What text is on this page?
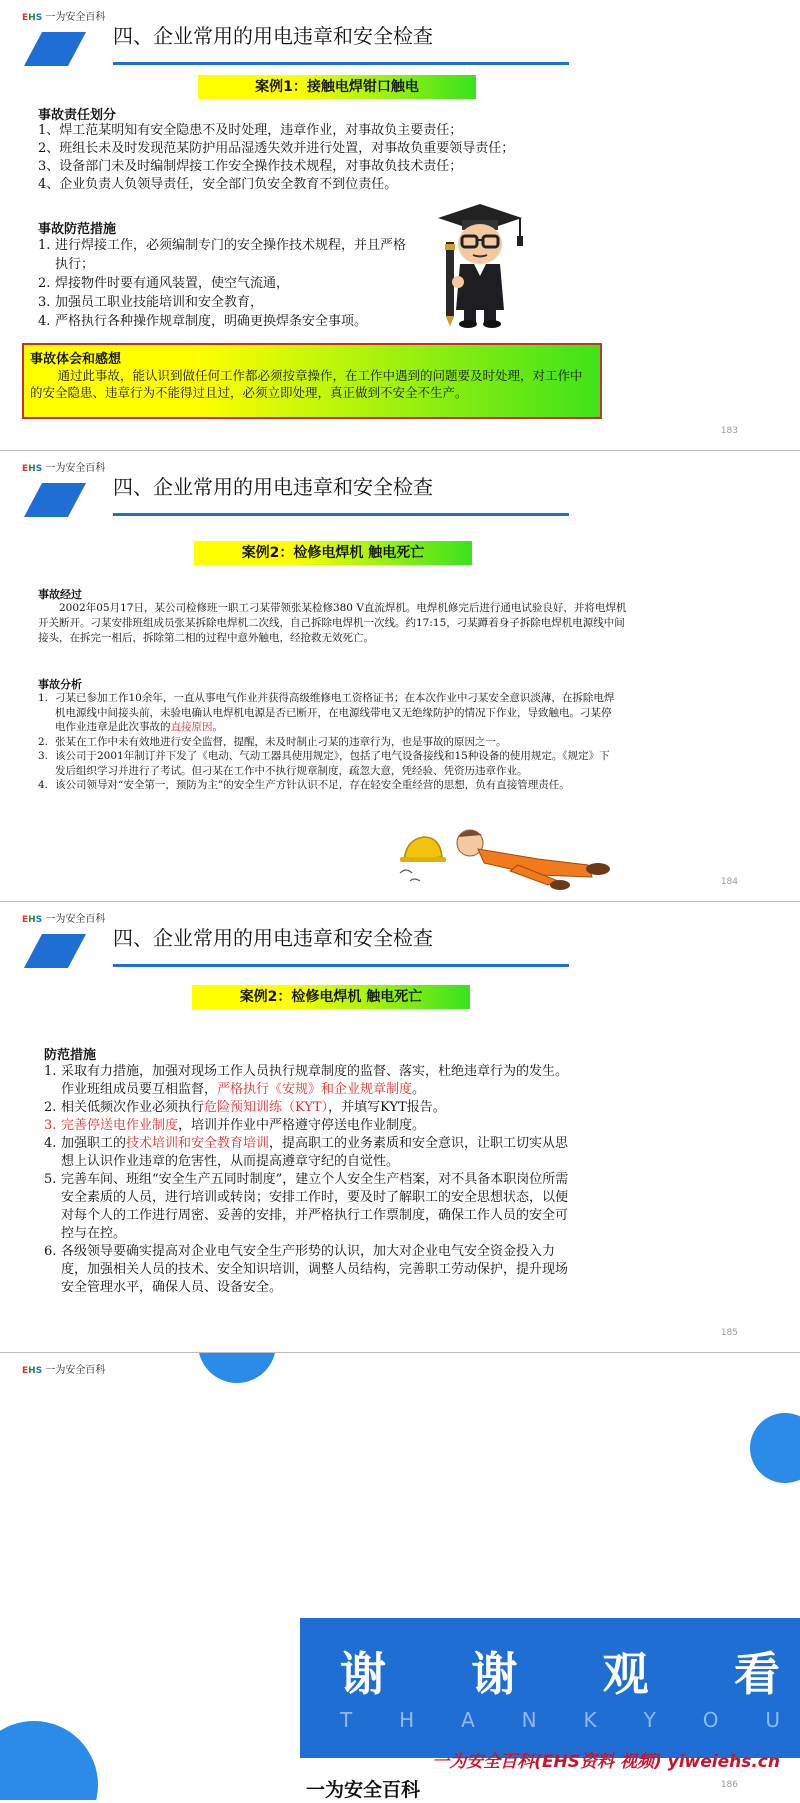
EHS 一为安全百科
四、企业常用的用电违章和安全检查
案例1：接触电焊钳口触电
事故责任划分
1、焊工范某明知有安全隐患不及时处理，违章作业，对事故负主要责任；
2、班组长未及时发现范某防护用品湿透失效并进行处置，对事故负重要领导责任；
3、设备部门未及时编制焊接工作安全操作技术规程，对事故负技术责任；
4、企业负责人负领导责任，安全部门负安全教育不到位责任。
事故防范措施
1. 进行焊接工作，必须编制专门的安全操作技术规程，并且严格执行；
2. 焊接物件时要有通风装置，使空气流通，
3. 加强员工职业技能培训和安全教育，
4. 严格执行各种操作规章制度，明确更换焊条安全事项。
事故体会和感想
通过此事故，能认识到做任何工作都必须按章操作，在工作中遇到的问题要及时处理，对工作中的安全隐患、违章行为不能得过且过，必须立即处理，真正做到不安全不生产。
183
EHS 一为安全百科
四、企业常用的用电违章和安全检查
案例2：检修电焊机 触电死亡
事故经过

2002年05月17日，某公司检修班一职工刁某带领张某检修380 V直流焊机。电焊机修完后进行通电试验良好，并将电焊机开关断开。刁某安排班组成员张某拆除电焊机二次线，自己拆除电焊机一次线。约17:15，刁某蹲着身子拆除电焊机电源线中间接头，在拆完一相后，拆除第二相的过程中意外触电，经抢救无效死亡。

事故分析
1. 刁某已参加工作10余年，一直从事电气作业并获得高级维修电工资格证书；在本次作业中刁某安全意识淡薄，在拆除电焊机电源线中间接头前，未验电确认电焊机电源是否已断开，在电源线带电又无绝缘防护的情况下作业，导致触电。刁某停电作业违章是此次事故的直接原因。
2. 张某在工作中未有效地进行安全监督，提醒，未及时制止刁某的违章行为，也是事故的原因之一。
3. 该公司于2001年制订并下发了《电动、气动工器具使用规定》，包括了电气设备接线和15种设备的使用规定。《规定》下发后组织学习并进行了考试。但刁某在工作中不执行规章制度，疏忽大意，凭经验、凭资历违章作业。
4. 该公司领导对“安全第一，预防为主”的安全生产方针认识不足，存在轻安全重经营的思想，负有直接管理责任。
184
EHS 一为安全百科
四、企业常用的用电违章和安全检查
案例2：检修电焊机 触电死亡
防范措施
1. 采取有力措施，加强对现场工作人员执行规章制度的监督、落实，杜绝违章行为的发生。作业班组成员要互相监督，严格执行《安规》和企业规章制度。
2. 相关低频次作业必须执行危险预知训练（KYT），并填写KYT报告。
3. 完善停送电作业制度，培训并作业中严格遵守停送电作业制度。
4. 加强职工的技术培训和安全教育培训，提高职工的业务素质和安全意识，让职工切实从思想上认识作业违章的危害性，从而提高遵章守纪的自觉性。
5. 完善车间、班组“安全生产五同时制度”，建立个人安全生产档案，对不具备本职岗位所需安全素质的人员，进行培训或转岗；安排工作时，要及时了解职工的安全思想状态，以便对每个人的工作进行周密、妥善的安排，并严格执行工作票制度，确保工作人员的安全可控与在控。
6. 各级领导要确实提高对企业电气安全生产形势的认识，加大对企业电气安全资金投入力度，加强相关人员的技术、安全知识培训，调整人员结构，完善职工劳动保护，提升现场安全管理水平，确保人员、设备安全。
185
EHS 一为安全百科
谢 谢 观 看
T H A N K Y O U
一为安全百科
一为安全百科(EHS资料 视频) yiweiehs.cn
186
